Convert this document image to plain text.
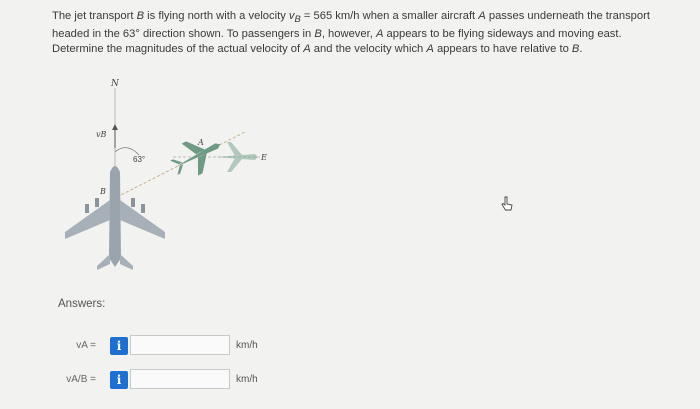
The jet transport B is flying north with a velocity $v_B = 565$ km/h when a smaller aircraft A passes underneath the transport headed in the 63° direction shown. To passengers in B, however, A appears to be flying sideways and moving east. Determine the magnitudes of the actual velocity of A and the velocity which A appears to have relative to B.
N
vB
63°	E
A
B
Answers:
vA =	i	km/h
vA/B =	i	km/h
